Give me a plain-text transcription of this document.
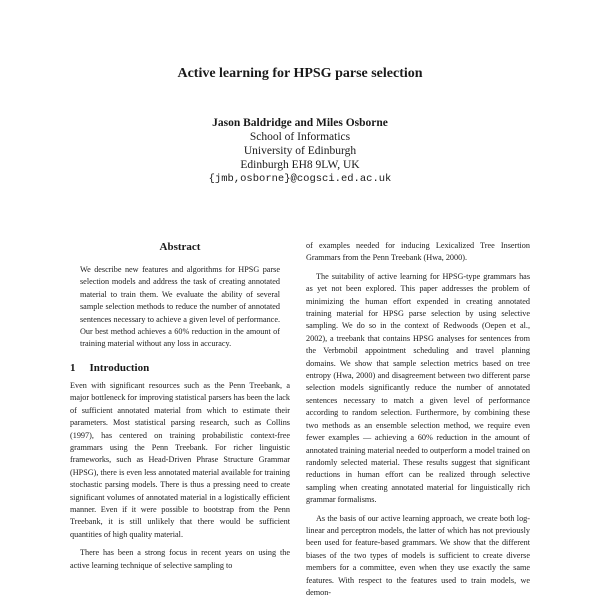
Active learning for HPSG parse selection
Jason Baldridge and Miles Osborne
School of Informatics
University of Edinburgh
Edinburgh EH8 9LW, UK
{jmb,osborne}@cogsci.ed.ac.uk
Abstract

We describe new features and algorithms for HPSG parse selection models and address the task of creating annotated material to train them. We evaluate the ability of several sample selection methods to reduce the number of annotated sentences necessary to achieve a given level of performance. Our best method achieves a 60% reduction in the amount of training material without any loss in accuracy.

1 Introduction

Even with significant resources such as the Penn Treebank, a major bottleneck for improving statistical parsers has been the lack of sufficient annotated material from which to estimate their parameters. Most statistical parsing research, such as Collins (1997), has centered on training probabilistic context-free grammars using the Penn Treebank. For richer linguistic frameworks, such as Head-Driven Phrase Structure Grammar (HPSG), there is even less annotated material available for training stochastic parsing models. There is thus a pressing need to create significant volumes of annotated material in a logistically efficient manner. Even if it were possible to bootstrap from the Penn Treebank, it is still unlikely that there would be sufficient quantities of high quality material.

There has been a strong focus in recent years on using the active learning technique of selective sampling to

of examples needed for inducing Lexicalized Tree Insertion Grammars from the Penn Treebank (Hwa, 2000).

The suitability of active learning for HPSG-type grammars has as yet not been explored. This paper addresses the problem of minimizing the human effort expended in creating annotated training material for HPSG parse selection by using selective sampling. We do so in the context of Redwoods (Oepen et al., 2002), a treebank that contains HPSG analyses for sentences from the Verbmobil appointment scheduling and travel planning domains. We show that sample selection metrics based on tree entropy (Hwa, 2000) and disagreement between two different parse selection models significantly reduce the number of annotated sentences necessary to match a given level of performance according to random selection. Furthermore, by combining these two methods as an ensemble selection method, we require even fewer examples — achieving a 60% reduction in the amount of annotated training material needed to outperform a model trained on randomly selected material. These results suggest that significant reductions in human effort can be realized through selective sampling when creating annotated material for linguistically rich grammar formalisms.

As the basis of our active learning approach, we create both log-linear and perceptron models, the latter of which has not previously been used for feature-based grammars. We show that the different biases of the two types of models is sufficient to create diverse members for a committee, even when they use exactly the same features. With respect to the features used to train models, we demon-
